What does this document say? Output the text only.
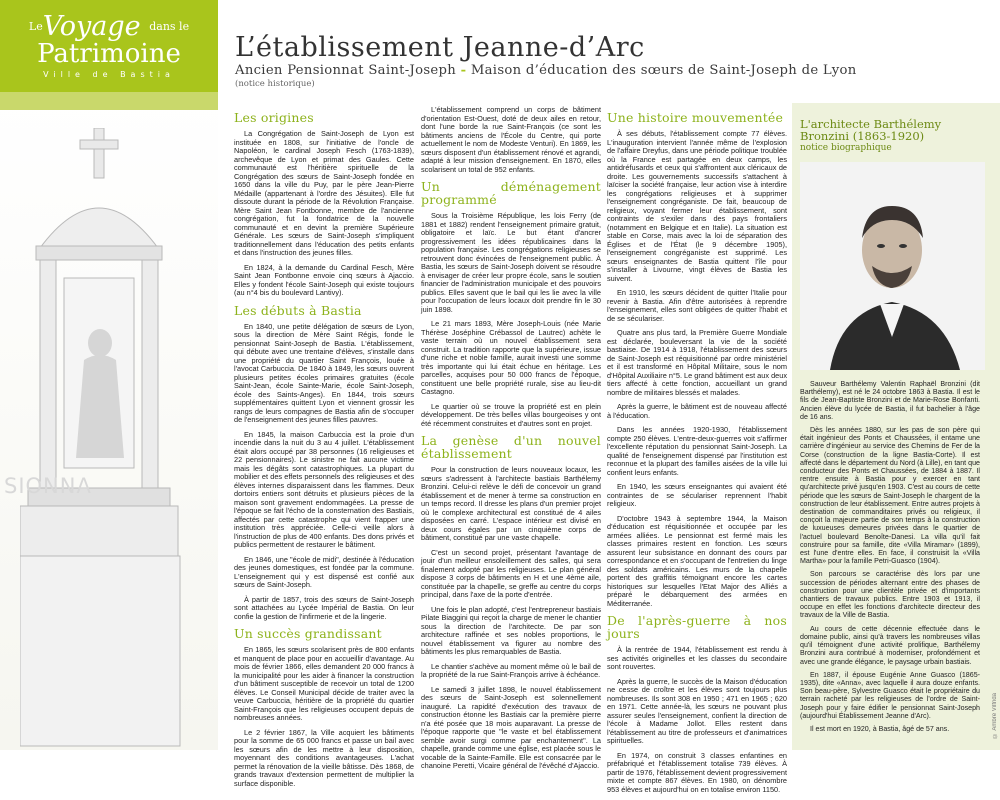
$^{Le}$Voyage $^{dans le}$
Patrimoine
Ville de Bastia
SIONNA
L’établissement Jeanne-d’Arc
Ancien Pensionnat Saint-Joseph - Maison d’éducation des sœurs de Saint-Joseph de Lyon
(notice historique)
Les origines

La Congrégation de Saint-Joseph de Lyon est instituée en 1808, sur l'initiative de l'oncle de Napoléon, le cardinal Joseph Fesch (1763-1839), archevêque de Lyon et primat des Gaules. Cette communauté est l'héritière spirituelle de la Congrégation des sœurs de Saint-Joseph fondée en 1650 dans la ville du Puy, par le père Jean-Pierre Médaille (appartenant à l'ordre des Jésuites). Elle fut dissoute durant la période de la Révolution Française. Mère Saint Jean Fontbonne, membre de l'ancienne congrégation, fut la fondatrice de la nouvelle communauté et en devint la première Supérieure Générale. Les sœurs de Saint-Joseph s'impliquent traditionnellement dans l'éducation des petits enfants et dans l'instruction des jeunes filles.

En 1824, à la demande du Cardinal Fesch, Mère Saint Jean Fontbonne envoie cinq sœurs à Ajaccio. Elles y fondent l'école Saint-Joseph qui existe toujours (au n°4 bis du boulevard Lantivy).

Les débuts à Bastia

En 1840, une petite délégation de sœurs de Lyon, sous la direction de Mère Saint Régis, fonde le pensionnat Saint-Joseph de Bastia. L'établissement, qui débute avec une trentaine d'élèves, s'installe dans une propriété du quartier Saint François, louée à l'avocat Carbuccia. De 1840 à 1849, les sœurs ouvrent plusieurs petites écoles primaires gratuites (école Saint-Jean, école Sainte-Marie, école Saint-Joseph, école des Saints-Anges). En 1844, trois sœurs supplémentaires quittent Lyon et viennent grossir les rangs de leurs compagnes de Bastia afin de s'occuper de l'enseignement des jeunes filles pauvres.

En 1845, la maison Carbuccia est la proie d'un incendie dans la nuit du 3 au 4 juillet. L'établissement était alors occupé par 38 personnes (16 religieuses et 22 pensionnaires). Le sinistre ne fait aucune victime mais les dégâts sont catastrophiques. La plupart du mobilier et des effets personnels des religieuses et des élèves internes disparaissent dans les flammes. Deux dortoirs entiers sont détruits et plusieurs pièces de la maison sont gravement endommagées. La presse de l'époque se fait l'écho de la consternation des Bastiais, affectés par cette catastrophe qui vient frapper une institution très appréciée. Celle-ci veille alors à l'instruction de plus de 400 enfants. Des dons privés et publics permettent de restaurer le bâtiment.

En 1846, une "école de midi", destinée à l'éducation des jeunes domestiques, est fondée par la commune. L'enseignement qui y est dispensé est confié aux sœurs de Saint-Joseph.

À partir de 1857, trois des sœurs de Saint-Joseph sont attachées au Lycée Impérial de Bastia. On leur confie la gestion de l'infirmerie et de la lingerie.

Un succès grandissant

En 1865, les sœurs scolarisent près de 800 enfants et manquent de place pour en accueillir d'avantage. Au mois de février 1866, elles demandent 20 000 francs à la municipalité pour les aider à financer la construction d'un bâtiment susceptible de recevoir un total de 1200 élèves. Le Conseil Municipal décide de traiter avec la veuve Carbuccia, héritière de la propriété du quartier Saint-François que les religieuses occupent depuis de nombreuses années.

Le 2 février 1867, la Ville acquiert les bâtiments pour la somme de 65 000 francs et passe un bail avec les sœurs afin de les mettre à leur disposition, moyennant des conditions avantageuses. L'achat permet la rénovation de la vieille bâtisse. Dès 1868, de grands travaux d'extension permettent de multiplier la surface disponible.

L'établissement comprend un corps de bâtiment d'orientation Est-Ouest, doté de deux ailes en retour, dont l'une borde la rue Saint-François (ce sont les bâtiments anciens de l'École du Centre, qui porte actuellement le nom de Modeste Venturi). En 1869, les sœurs disposent d'un établissement rénové et agrandi, adapté à leur mission d'enseignement. En 1870, elles scolarisent un total de 952 enfants.

Un déménagement programmé

Sous la Troisième République, les lois Ferry (de 1881 et 1882) rendent l'enseignement primaire gratuit, obligatoire et laïc. Le but étant d'ancrer progressivement les idées républicaines dans la population française. Les congrégations religieuses se retrouvent donc évincées de l'enseignement public. À Bastia, les sœurs de Saint-Joseph doivent se résoudre à envisager de créer leur propre école, sans le soutien financier de l'administration municipale et des pouvoirs publics. Elles savent que le bail qui les lie avec la ville pour l'occupation de leurs locaux doit prendre fin le 30 juin 1898.

Le 21 mars 1893, Mère Joseph-Louis (née Marie Thérèse Joséphine Crébassol de Lautrec) achète le vaste terrain où un nouvel établissement sera construit. La tradition rapporte que la supérieure, issue d'une riche et noble famille, aurait investi une somme très importante qui lui était échue en héritage. Les parcelles, acquises pour 50 000 francs de l'époque, constituent une belle propriété rurale, sise au lieu-dit Castagno.

Le quartier où se trouve la propriété est en plein développement. De très belles villas bourgeoises y ont été récemment construites et d'autres sont en projet.

La genèse d'un nouvel établissement

Pour la construction de leurs nouveaux locaux, les sœurs s'adressent à l'architecte bastiais Barthélemy Bronzini. Celui-ci relève le défi de concevoir un grand établissement et de mener à terme sa construction en un temps record. Il dresse les plans d'un premier projet où le complexe architectural est constitué de 4 ailes disposées en carré. L'espace intérieur est divisé en deux cours égales par un cinquième corps de bâtiment, constitué par une vaste chapelle.

C'est un second projet, présentant l'avantage de jouir d'un meilleur ensoleillement des salles, qui sera finalement adopté par les religieuses. Le plan général dispose 3 corps de bâtiments en H et une 4ème aile, constituée par la chapelle, se greffe au centre du corps principal, dans l'axe de la porte d'entrée.

Une fois le plan adopté, c'est l'entrepreneur bastiais Pilate Biaggini qui reçoit la charge de mener le chantier sous la direction de l'architecte. De par son architecture raffinée et ses nobles proportions, le nouvel établissement va figurer au nombre des bâtiments les plus remarquables de Bastia.

Le chantier s'achève au moment même où le bail de la propriété de la rue Saint-François arrive à échéance.

Le samedi 3 juillet 1898, le nouvel établissement des sœurs de Saint-Joseph est solennellement inauguré. La rapidité d'exécution des travaux de construction étonne les Bastiais car la première pierre n'a été posée que 18 mois auparavant. La presse de l'époque rapporte que "le vaste et bel établissement semble avoir surgi comme par enchantement". La chapelle, grande comme une église, est placée sous le vocable de la Sainte-Famille. Elle est consacrée par le chanoine Peretti, Vicaire général de l'évêché d'Ajaccio.

Une histoire mouvementée

À ses débuts, l'établissement compte 77 élèves. L'inauguration intervient l'année même de l'explosion de l'affaire Dreyfus, dans une période politique troublée où la France est partagée en deux camps, les antidréfusards et ceux qui s'affrontent aux cléricaux de droite. Les gouvernements successifs s'attachent à laïciser la société française, leur action vise à interdire les congrégations religieuses et à supprimer l'enseignement congréganiste. De fait, beaucoup de religieux, voyant fermer leur établissement, sont contraints de s'exiler dans des pays frontaliers (notamment en Belgique et en Italie). La situation est stable en Corse, mais avec la loi de séparation des Églises et de l'État (le 9 décembre 1905), l'enseignement congréganiste est supprimé. Les sœurs enseignantes de Bastia quittent l'île pour s'installer à Livourne, vingt élèves de Bastia les suivent.

En 1910, les sœurs décident de quitter l'Italie pour revenir à Bastia. Afin d'être autorisées à reprendre l'enseignement, elles sont obligées de quitter l'habit et de se séculariser.

Quatre ans plus tard, la Première Guerre Mondiale est déclarée, bouleversant la vie de la société bastiaise. De 1914 à 1918, l'établissement des sœurs de Saint-Joseph est réquisitionné par ordre ministériel et il est transformé en Hôpital Militaire, sous le nom d'Hôpital Auxiliaire n°5. Le grand bâtiment est aux deux tiers affecté à cette fonction, accueillant un grand nombre de militaires blessés et malades.

Après la guerre, le bâtiment est de nouveau affecté à l'éducation.

Dans les années 1920-1930, l'établissement compte 250 élèves. L'entre-deux-guerres voit s'affirmer l'excellente réputation du pensionnat Saint-Joseph. La qualité de l'enseignement dispensé par l'institution est reconnue et la plupart des familles aisées de la ville lui confient leurs enfants.

En 1940, les sœurs enseignantes qui avaient été contraintes de se séculariser reprennent l'habit religieux.

D'octobre 1943 à septembre 1944, la Maison d'éducation est réquisitionnée et occupée par les armées alliées. Le pensionnat est fermé mais les classes primaires restent en fonction. Les sœurs assurent leur subsistance en donnant des cours par correspondance et en s'occupant de l'entretien du linge des soldats américains. Les murs de la chapelle portent des graffitis témoignant encore les cartes historiques sur lesquelles l'Etat Major des Alliés a préparé le débarquement des armées en Méditerranée.

De l'après-guerre à nos jours

À la rentrée de 1944, l'établissement est rendu à ses activités originelles et les classes du secondaire sont rouvertes.

Après la guerre, le succès de la Maison d'éducation ne cesse de croître et les élèves sont toujours plus nombreuses. Ils sont 308 en 1950 ; 471 en 1965 ; 620 en 1971. Cette année-là, les sœurs ne pouvant plus assurer seules l'enseignement, confient la direction de l'école à Madame Jollot. Elles restent dans l'établissement au titre de professeurs et d'animatrices spirituelles.

En 1974, on construit 3 classes enfantines en préfabriqué et l'établissement totalise 739 élèves. À partir de 1976, l'établissement devient progressivement mixte et compte 867 élèves. En 1980, on dénombre 953 élèves et aujourd'hui on en totalise environ 1150.

L'architecte Barthélemy Bronzini (1863-1920)
notice biographique

Sauveur Barthélemy Valentin Raphaël Bronzini (dit Barthélemy), est né le 24 octobre 1863 à Bastia. Il est le fils de Jean-Baptiste Bronzini et de Marie-Rose Bonfanti. Ancien élève du lycée de Bastia, il fut bachelier à l'âge de 16 ans.

Dès les années 1880, sur les pas de son père qui était ingénieur des Ponts et Chaussées, il entame une carrière d'ingénieur au service des Chemins de Fer de la Corse (construction de la ligne Bastia-Corte). Il est affecté dans le département du Nord (à Lille), en tant que conducteur des Ponts et Chaussées, de 1884 à 1887. Il rentre ensuite à Bastia pour y exercer en tant qu'architecte privé jusqu'en 1903. C'est au cours de cette période que les sœurs de Saint-Joseph le chargent de la construction de leur établissement. Entre autres projets à destination de commanditaires privés ou religieux, il conçoit la majeure partie de son temps à la construction de luxueuses demeures privées dans le quartier de l'actuel boulevard Benoîte-Danesi. La villa qu'il fait construire pour sa famille, dite «Villa Miramar» (1899), est l'une d'entre elles. En face, il construisit la «Villa Martha» pour la famille Petri-Guasco (1904).

Son parcours se caractérise dès lors par une succession de périodes alternant entre des phases de construction pour une clientèle privée et d'importants chantiers de travaux publics. Entre 1903 et 1913, il occupe en effet les fonctions d'architecte directeur des travaux de la Ville de Bastia.

Au cours de cette décennie effectuée dans le domaine public, ainsi qu'à travers les nombreuses villas qu'il témoignent d'une activité prolifique, Barthélemy Bronzini aura contribué à moderniser, profondément et avec une grande élégance, le paysage urbain bastiais.

En 1887, il épouse Eugénie Anne Guasco (1865-1935), dite «Anna», avec laquelle il aura douze enfants. Son beau-père, Sylvestre Guasco était le propriétaire du terrain racheté par les religieuses de l'ordre de Saint-Joseph pour y faire édifier le pensionnat Saint-Joseph (aujourd'hui Établissement Jeanne d'Arc).

Il est mort en 1920, à Bastia, âgé de 57 ans.	© Ambre Vilfrida
